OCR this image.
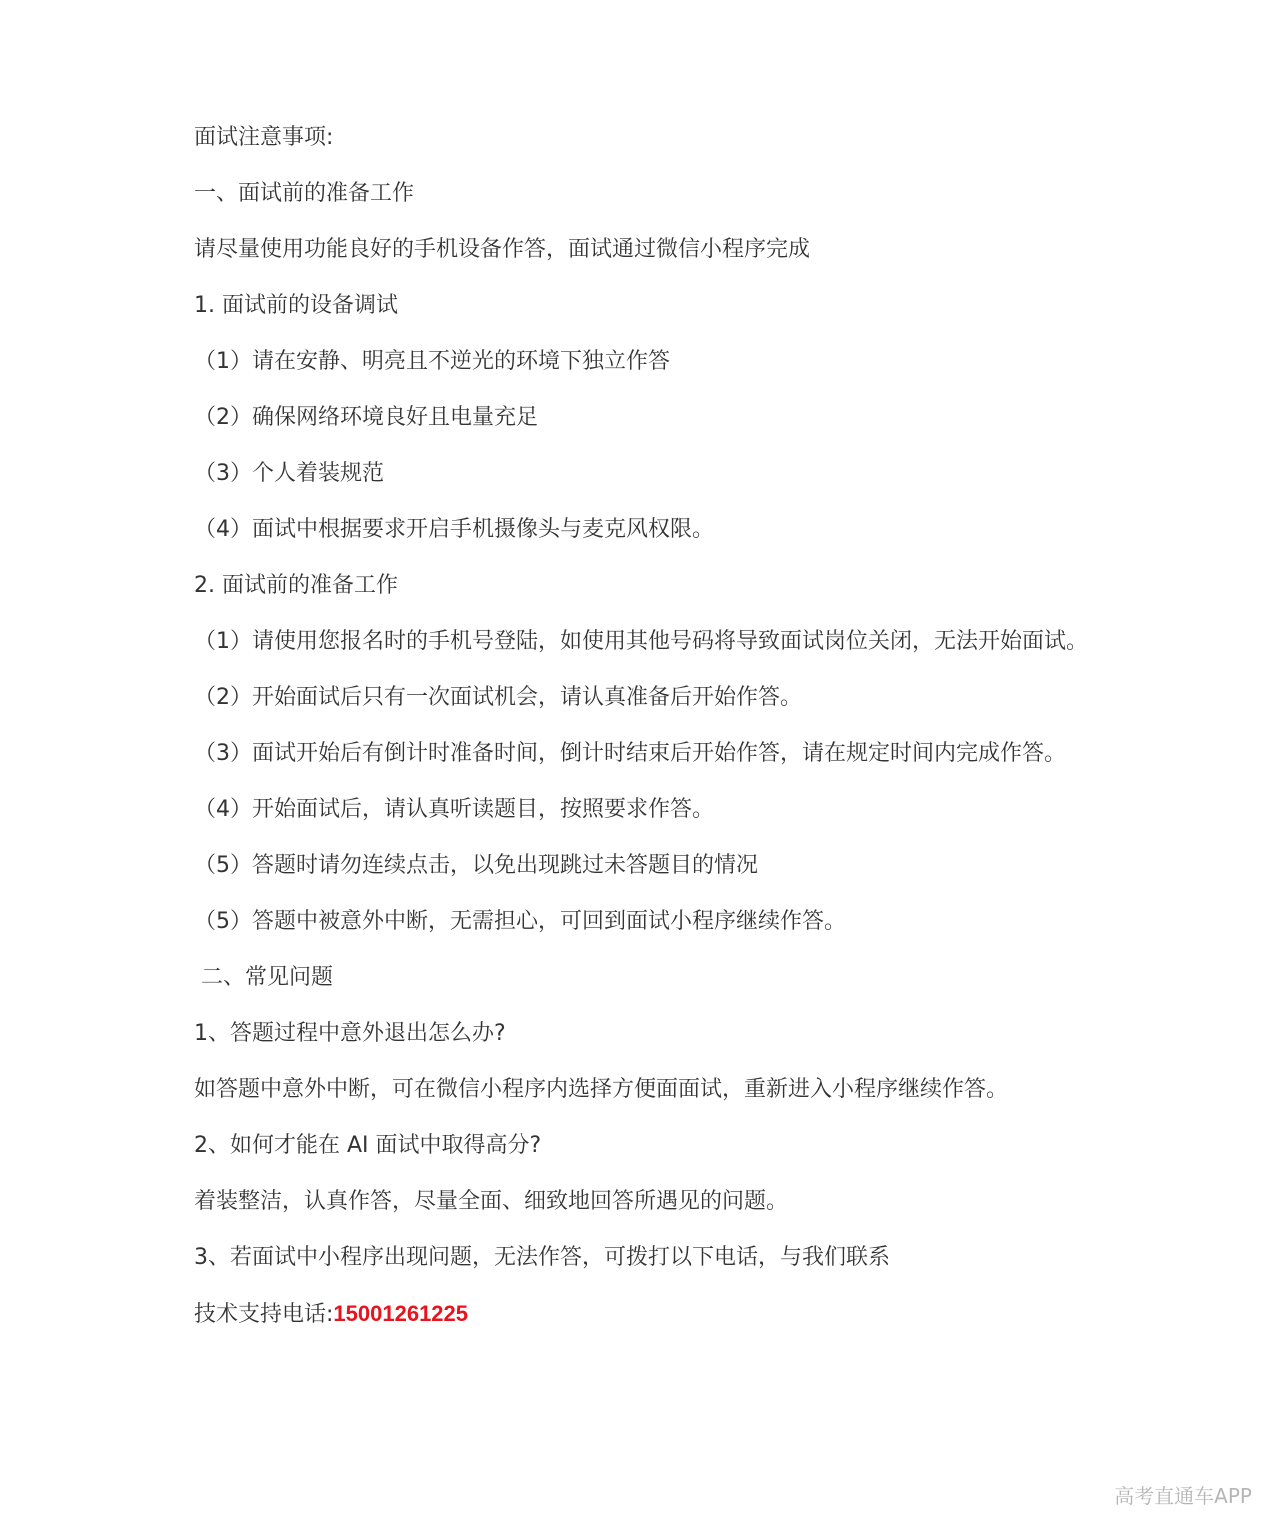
面试注意事项:

一、面试前的准备工作

请尽量使用功能良好的手机设备作答，面试通过微信小程序完成

1. 面试前的设备调试

（1）请在安静、明亮且不逆光的环境下独立作答

（2）确保网络环境良好且电量充足

（3）个人着装规范

（4）面试中根据要求开启手机摄像头与麦克风权限。

2. 面试前的准备工作

（1）请使用您报名时的手机号登陆，如使用其他号码将导致面试岗位关闭，无法开始面试。

（2）开始面试后只有一次面试机会，请认真准备后开始作答。

（3）面试开始后有倒计时准备时间，倒计时结束后开始作答，请在规定时间内完成作答。

（4）开始面试后，请认真听读题目，按照要求作答。

（5）答题时请勿连续点击，以免出现跳过未答题目的情况

（5）答题中被意外中断，无需担心，可回到面试小程序继续作答。

二、常见问题

1、答题过程中意外退出怎么办?

如答题中意外中断，可在微信小程序内选择方便面面试，重新进入小程序继续作答。

2、如何才能在 AI 面试中取得高分?

着装整洁，认真作答，尽量全面、细致地回答所遇见的问题。

3、若面试中小程序出现问题，无法作答，可拨打以下电话，与我们联系

技术支持电话:15001261225

高考直通车APP
